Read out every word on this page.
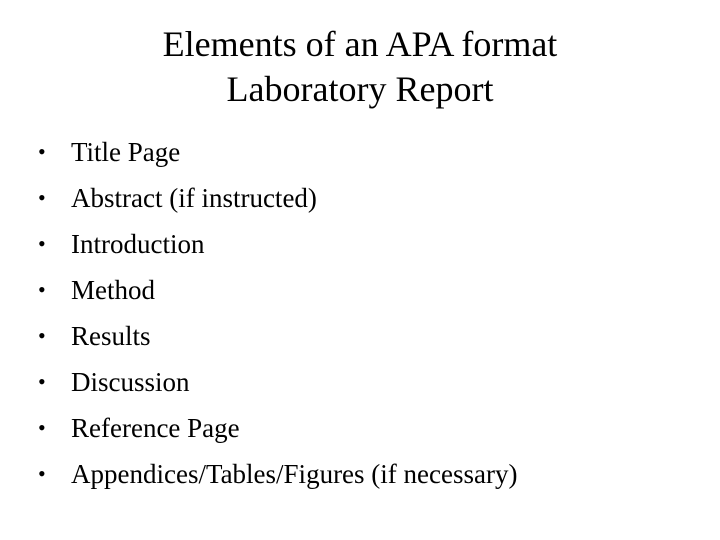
Elements of an APA format
Laboratory Report
• Title Page
• Abstract (if instructed)
• Introduction
• Method
• Results
• Discussion
• Reference Page
• Appendices/Tables/Figures (if necessary)
